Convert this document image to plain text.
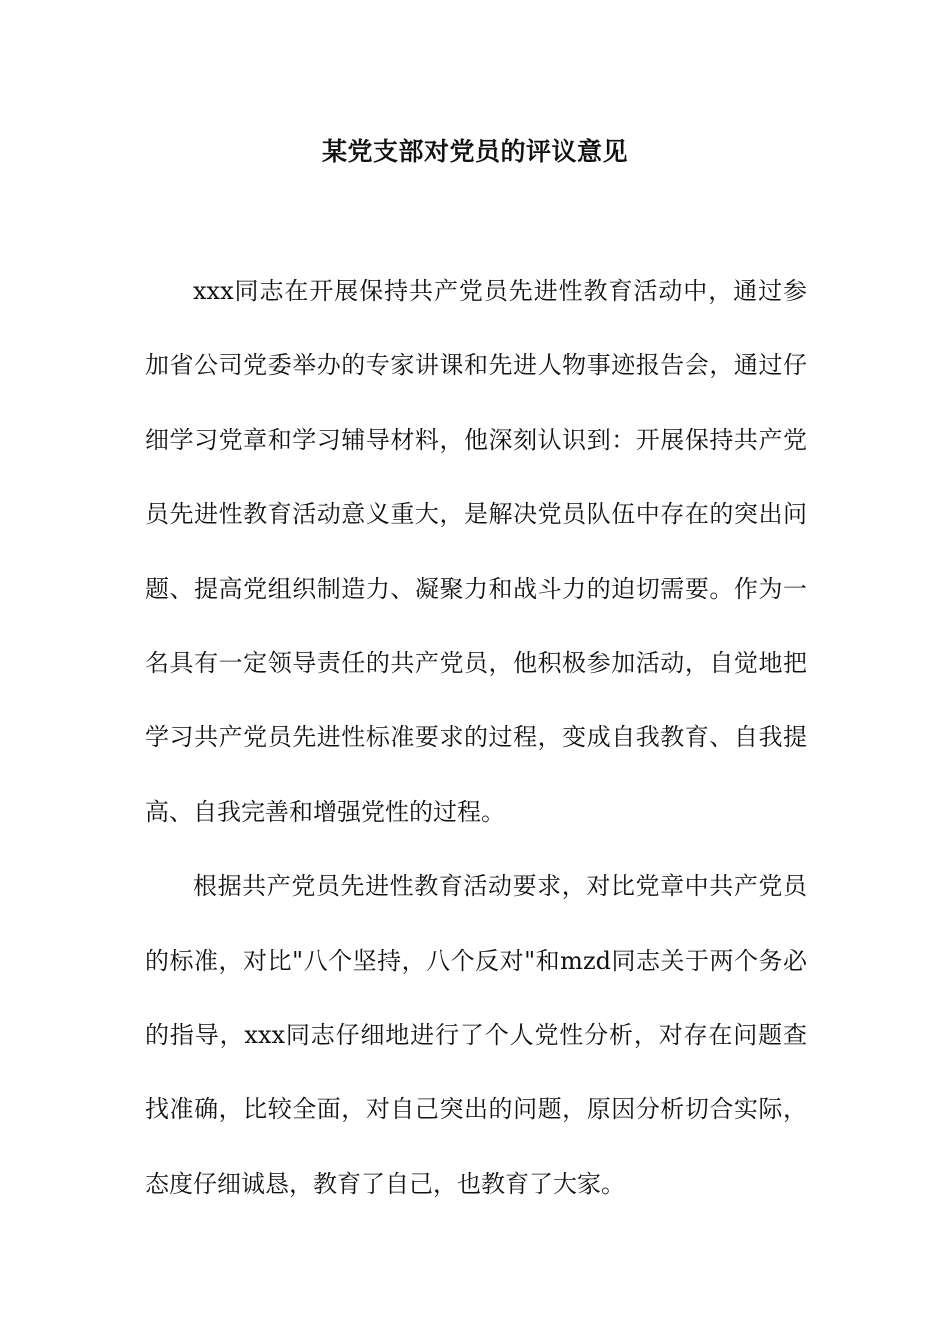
某党支部对党员的评议意见

xxx同志在开展保持共产党员先进性教育活动中，通过参加省公司党委举办的专家讲课和先进人物事迹报告会，通过仔细学习党章和学习辅导材料，他深刻认识到：开展保持共产党员先进性教育活动意义重大，是解决党员队伍中存在的突出问题、提高党组织制造力、凝聚力和战斗力的迫切需要。作为一名具有一定领导责任的共产党员，他积极参加活动，自觉地把学习共产党员先进性标准要求的过程，变成自我教育、自我提高、自我完善和增强党性的过程。

根据共产党员先进性教育活动要求，对比党章中共产党员的标准，对比"八个坚持，八个反对"和mzd同志关于两个务必的指导，xxx同志仔细地进行了个人党性分析，对存在问题查找准确，比较全面，对自己突出的问题，原因分析切合实际，态度仔细诚恳，教育了自己，也教育了大家。
